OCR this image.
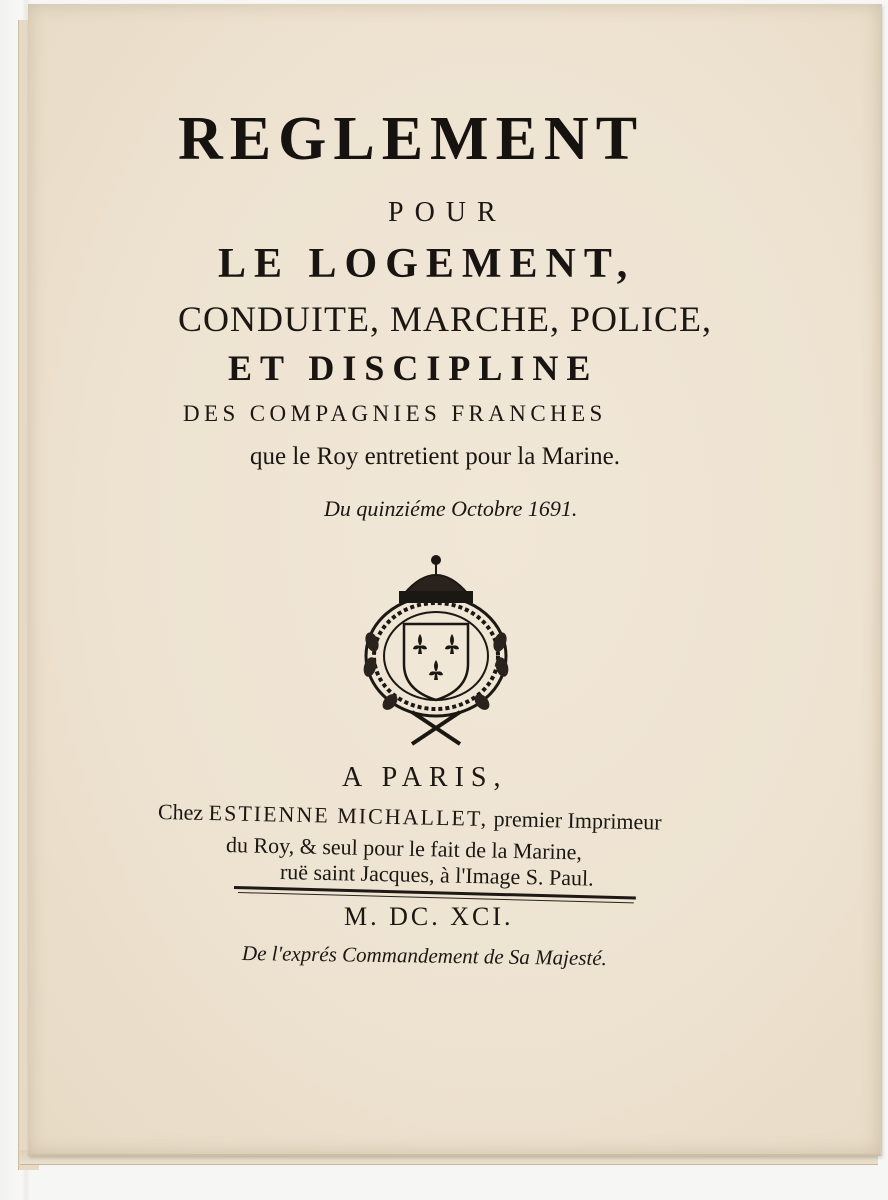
REGLEMENT
POUR
LE LOGEMENT,
CONDUITE, MARCHE, POLICE,
ET DISCIPLINE
DES COMPAGNIES FRANCHES
que le Roy entretient pour la Marine.
Du quinziéme Octobre 1691.
A PARIS,
Chez ESTIENNE MICHALLET, premier Imprimeur
du Roy, & seul pour le fait de la Marine,
ruë saint Jacques, à l'Image S. Paul.
M. DC. XCI.
De l'exprés Commandement de Sa Majesté.
